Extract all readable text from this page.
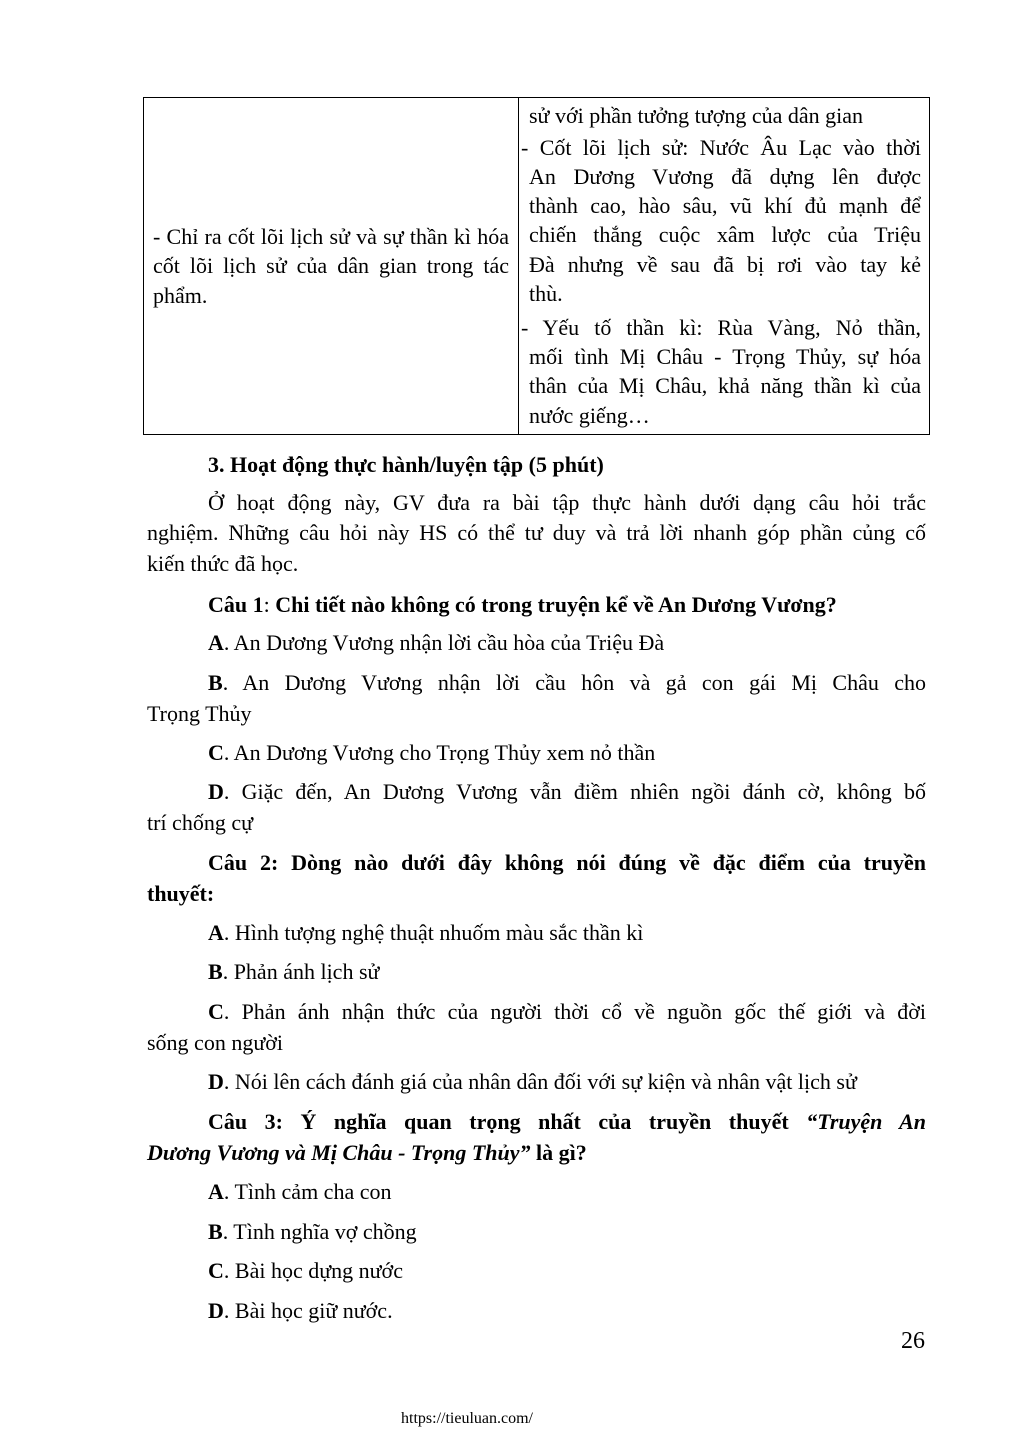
- Chỉ ra cốt lõi lịch sử và sự thần kì hóa cốt lõi lịch sử của dân gian trong tác phẩm.
sử với phần tưởng tượng của dân gian
- Cốt lõi lịch sử: Nước Âu Lạc vào thời
An Dương Vương đã dựng lên được
thành cao, hào sâu, vũ khí đủ mạnh để
chiến thắng cuộc xâm lược của Triệu
Đà nhưng về sau đã bị rơi vào tay kẻ
thù.
- Yếu tố thần kì: Rùa Vàng, Nỏ thần,
mối tình Mị Châu - Trọng Thủy, sự hóa
thân của Mị Châu, khả năng thần kì của
nước giếng…
3. Hoạt động thực hành/luyện tập (5 phút)
Ở hoạt động này, GV đưa ra bài tập thực hành dưới dạng câu hỏi trắc
nghiệm. Những câu hỏi này HS có thể tư duy và trả lời nhanh góp phần củng cố
kiến thức đã học.
Câu 1: Chi tiết nào không có trong truyện kể về An Dương Vương?
A. An Dương Vương nhận lời cầu hòa của Triệu Đà
B. An Dương Vương nhận lời cầu hôn và gả con gái Mị Châu cho
Trọng Thủy
C. An Dương Vương cho Trọng Thủy xem nỏ thần
D. Giặc đến, An Dương Vương vẫn điềm nhiên ngồi đánh cờ, không bố
trí chống cự
Câu 2: Dòng nào dưới đây không nói đúng về đặc điểm của truyền
thuyết:
A. Hình tượng nghệ thuật nhuốm màu sắc thần kì
B. Phản ánh lịch sử
C. Phản ánh nhận thức của người thời cổ về nguồn gốc thế giới và đời
sống con người
D. Nói lên cách đánh giá của nhân dân đối với sự kiện và nhân vật lịch sử
Câu 3: Ý nghĩa quan trọng nhất của truyền thuyết “Truyện An
Dương Vương và Mị Châu - Trọng Thủy” là gì?
A. Tình cảm cha con
B. Tình nghĩa vợ chồng
C. Bài học dựng nước
D. Bài học giữ nước.
26
https://tieuluan.com/
